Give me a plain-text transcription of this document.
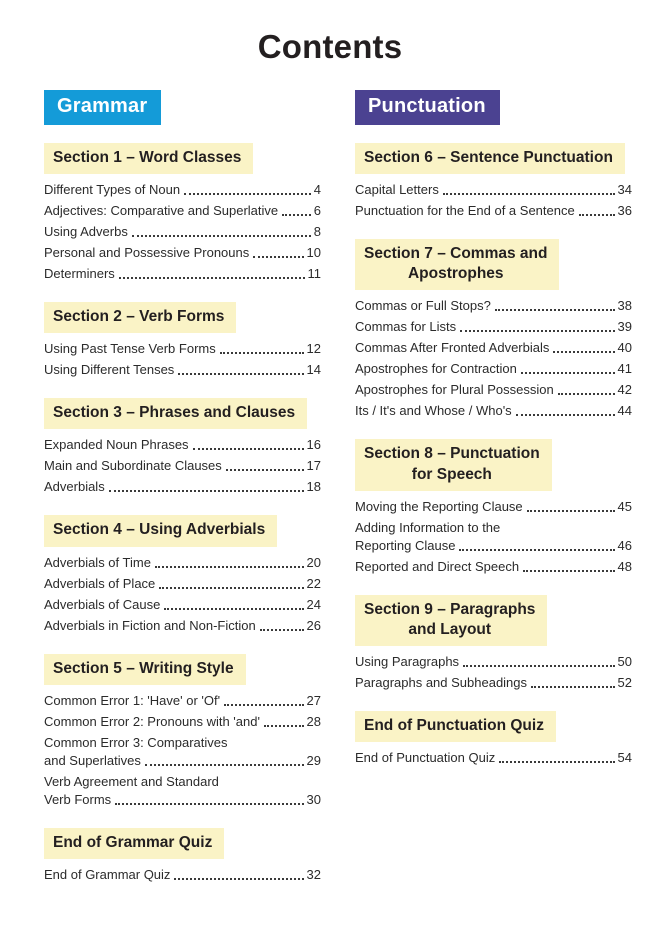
Contents
Grammar
Section 1 – Word Classes
Different Types of Noun	4
Adjectives: Comparative and Superlative	6
Using Adverbs	8
Personal and Possessive Pronouns	10
Determiners	11
Section 2 – Verb Forms
Using Past Tense Verb Forms	12
Using Different Tenses	14
Section 3 – Phrases and Clauses
Expanded Noun Phrases	16
Main and Subordinate Clauses	17
Adverbials	18
Section 4 – Using Adverbials
Adverbials of Time	20
Adverbials of Place	22
Adverbials of Cause	24
Adverbials in Fiction and Non-Fiction	26
Section 5 – Writing Style
Common Error 1: 'Have' or 'Of'	27
Common Error 2: Pronouns with 'and'	28
Common Error 3: Comparatives
and Superlatives	29
Verb Agreement and Standard
Verb Forms	30
End of Grammar Quiz
End of Grammar Quiz	32
Punctuation
Section 6 – Sentence Punctuation
Capital Letters	34
Punctuation for the End of a Sentence	36
Section 7 – Commas and
Apostrophes
Commas or Full Stops?	38
Commas for Lists	39
Commas After Fronted Adverbials	40
Apostrophes for Contraction	41
Apostrophes for Plural Possession	42
Its / It's and Whose / Who's	44
Section 8 – Punctuation
for Speech
Moving the Reporting Clause	45
Adding Information to the
Reporting Clause	46
Reported and Direct Speech	48
Section 9 – Paragraphs
and Layout
Using Paragraphs	50
Paragraphs and Subheadings	52
End of Punctuation Quiz
End of Punctuation Quiz	54
